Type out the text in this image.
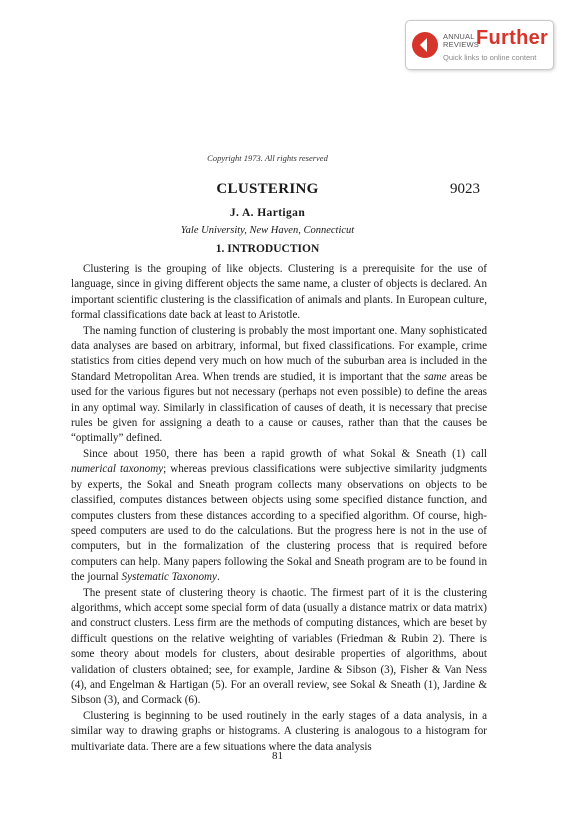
ANNUAL
REVIEWS
Further
Quick links to online content
Copyright 1973. All rights reserved
CLUSTERING	9023
J. A. Hartigan
Yale University, New Haven, Connecticut
1. INTRODUCTION

Clustering is the grouping of like objects. Clustering is a prerequisite for the use of language, since in giving different objects the same name, a cluster of objects is declared. An important scientific clustering is the classification of animals and plants. In European culture, formal classifications date back at least to Aristotle.

The naming function of clustering is probably the most important one. Many sophisticated data analyses are based on arbitrary, informal, but fixed classifications. For example, crime statistics from cities depend very much on how much of the suburban area is included in the Standard Metropolitan Area. When trends are studied, it is important that the same areas be used for the various figures but not necessary (perhaps not even possible) to define the areas in any optimal way. Similarly in classification of causes of death, it is necessary that precise rules be given for assigning a death to a cause or causes, rather than that the causes be “optimally” defined.

Since about 1950, there has been a rapid growth of what Sokal & Sneath (1) call numerical taxonomy; whereas previous classifications were subjective similarity judgments by experts, the Sokal and Sneath program collects many observations on objects to be classified, computes distances between objects using some specified distance function, and computes clusters from these distances according to a specified algorithm. Of course, high-speed computers are used to do the calculations. But the progress here is not in the use of computers, but in the formalization of the clustering process that is required before computers can help. Many papers following the Sokal and Sneath program are to be found in the journal Systematic Taxonomy.

The present state of clustering theory is chaotic. The firmest part of it is the clustering algorithms, which accept some special form of data (usually a distance matrix or data matrix) and construct clusters. Less firm are the methods of computing distances, which are beset by difficult questions on the relative weighting of variables (Friedman & Rubin 2). There is some theory about models for clusters, about desirable properties of algorithms, about validation of clusters obtained; see, for example, Jardine & Sibson (3), Fisher & Van Ness (4), and Engelman & Hartigan (5). For an overall review, see Sokal & Sneath (1), Jardine & Sibson (3), and Cormack (6).

Clustering is beginning to be used routinely in the early stages of a data analysis, in a similar way to drawing graphs or histograms. A clustering is analogous to a histogram for multivariate data. There are a few situations where the data analysis

81
